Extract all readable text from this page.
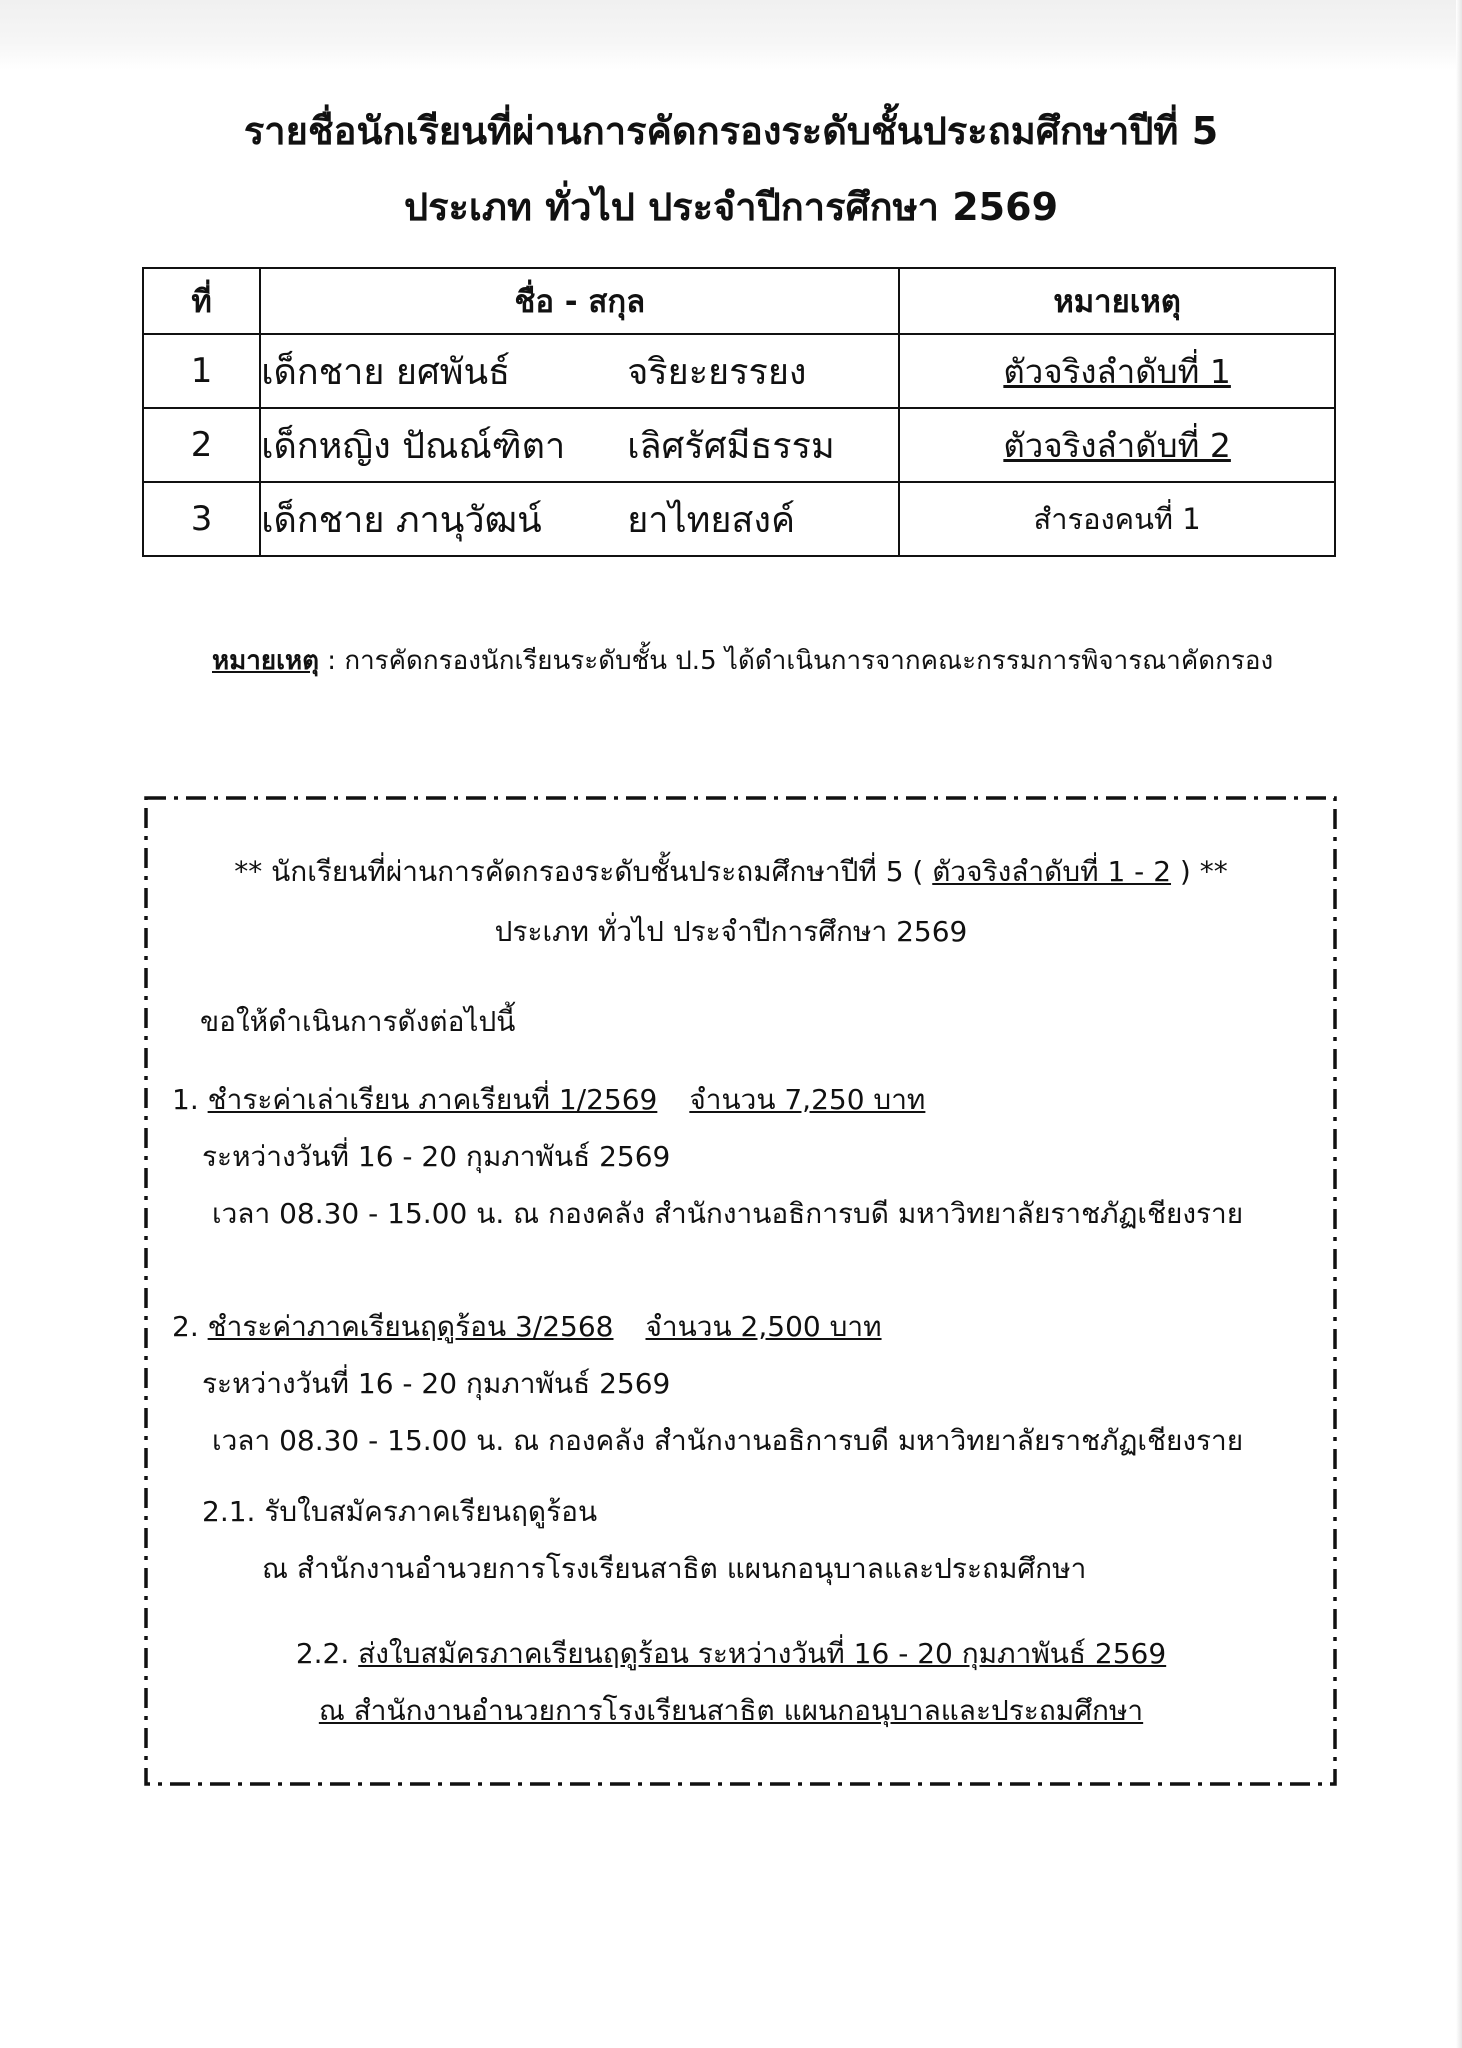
รายชื่อนักเรียนที่ผ่านการคัดกรองระดับชั้นประถมศึกษาปีที่ 5
ประเภท ทั่วไป ประจำปีการศึกษา 2569
ที่	ชื่อ - สกุล	หมายเหตุ
1	เด็กชาย ยศพันธ์ จริยะยรรยง	ตัวจริงลำดับที่ 1
2	เด็กหญิง ปัณณ์ฑิตา เลิศรัศมีธรรม	ตัวจริงลำดับที่ 2
3	เด็กชาย ภานุวัฒน์ ยาไทยสงค์	สำรองคนที่ 1
หมายเหตุ : การคัดกรองนักเรียนระดับชั้น ป.5 ได้ดำเนินการจากคณะกรรมการพิจารณาคัดกรอง
** นักเรียนที่ผ่านการคัดกรองระดับชั้นประถมศึกษาปีที่ 5 ( ตัวจริงลำดับที่ 1 - 2 ) **
ประเภท ทั่วไป ประจำปีการศึกษา 2569
ขอให้ดำเนินการดังต่อไปนี้
1. ชำระค่าเล่าเรียน ภาคเรียนที่ 1/2569 จำนวน 7,250 บาท
ระหว่างวันที่ 16 - 20 กุมภาพันธ์ 2569
เวลา 08.30 - 15.00 น. ณ กองคลัง สำนักงานอธิการบดี มหาวิทยาลัยราชภัฏเชียงราย
2. ชำระค่าภาคเรียนฤดูร้อน 3/2568 จำนวน 2,500 บาท
ระหว่างวันที่ 16 - 20 กุมภาพันธ์ 2569
เวลา 08.30 - 15.00 น. ณ กองคลัง สำนักงานอธิการบดี มหาวิทยาลัยราชภัฏเชียงราย
2.1. รับใบสมัครภาคเรียนฤดูร้อน
ณ สำนักงานอำนวยการโรงเรียนสาธิต แผนกอนุบาลและประถมศึกษา
2.2. ส่งใบสมัครภาคเรียนฤดูร้อน ระหว่างวันที่ 16 - 20 กุมภาพันธ์ 2569
ณ สำนักงานอำนวยการโรงเรียนสาธิต แผนกอนุบาลและประถมศึกษา
